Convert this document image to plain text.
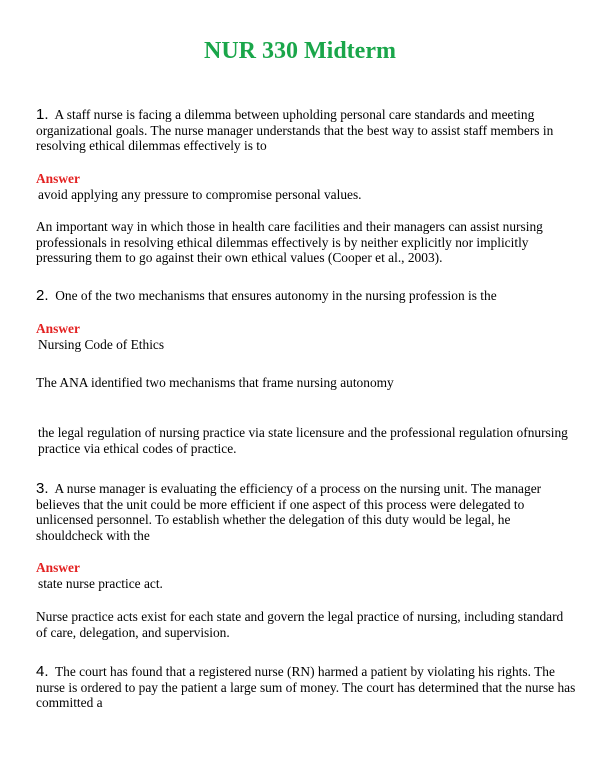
NUR 330 Midterm

1. A staff nurse is facing a dilemma between upholding personal care standards and meeting organizational goals. The nurse manager understands that the best way to assist staff members in resolving ethical dilemmas effectively is to

Answer

avoid applying any pressure to compromise personal values.

An important way in which those in health care facilities and their managers can assist nursing professionals in resolving ethical dilemmas effectively is by neither explicitly nor implicitly pressuring them to go against their own ethical values (Cooper et al., 2003).

2. One of the two mechanisms that ensures autonomy in the nursing profession is the

Answer

Nursing Code of Ethics

The ANA identified two mechanisms that frame nursing autonomy

the legal regulation of nursing practice via state licensure and the professional regulation ofnursing practice via ethical codes of practice.

3. A nurse manager is evaluating the efficiency of a process on the nursing unit. The manager believes that the unit could be more efficient if one aspect of this process were delegated to unlicensed personnel. To establish whether the delegation of this duty would be legal, he shouldcheck with the

Answer

state nurse practice act.

Nurse practice acts exist for each state and govern the legal practice of nursing, including standard of care, delegation, and supervision.

4. The court has found that a registered nurse (RN) harmed a patient by violating his rights. The nurse is ordered to pay the patient a large sum of money. The court has determined that the nurse has committed a
